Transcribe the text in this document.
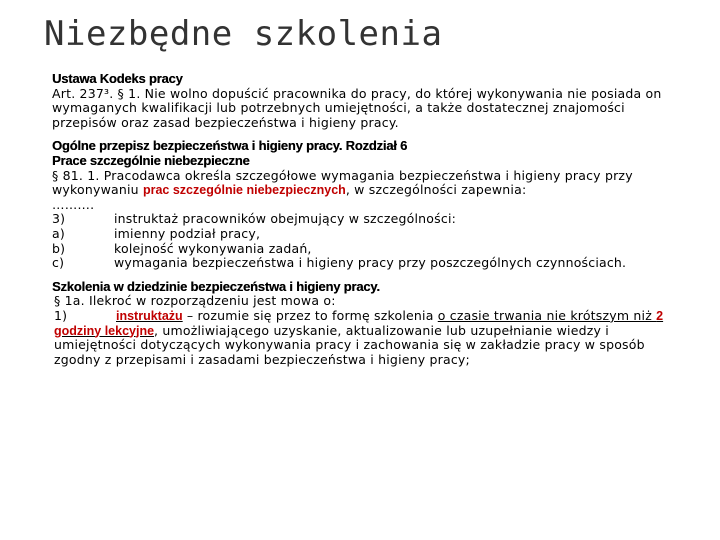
Niezbędne szkolenia
Ustawa Kodeks pracy
Art. 237³. § 1. Nie wolno dopuścić pracownika do pracy, do której wykonywania nie posiada on wymaganych kwalifikacji lub potrzebnych umiejętności, a także dostatecznej znajomości przepisów oraz zasad bezpieczeństwa i higieny pracy.
Ogólne przepisz bezpieczeństwa i higieny pracy. Rozdział 6
Prace szczególnie niebezpieczne
§ 81. 1. Pracodawca określa szczegółowe wymagania bezpieczeństwa i higieny pracy przy wykonywaniu prac szczególnie niebezpiecznych, w szczególności zapewnia:
……….
3)	instruktaż pracowników obejmujący w szczególności:
a)	imienny podział pracy,
b)	kolejność wykonywania zadań,
c)	wymagania bezpieczeństwa i higieny pracy przy poszczególnych czynnościach.
Szkolenia w dziedzinie bezpieczeństwa i higieny pracy.
§ 1a. Ilekroć w rozporządzeniu jest mowa o:
1)	instruktażu – rozumie się przez to formę szkolenia o czasie trwania nie krótszym niż 2 godziny lekcyjne, umożliwiającego uzyskanie, aktualizowanie lub uzupełnianie wiedzy i umiejętności dotyczących wykonywania pracy i zachowania się w zakładzie pracy w sposób zgodny z przepisami i zasadami bezpieczeństwa i higieny pracy;
